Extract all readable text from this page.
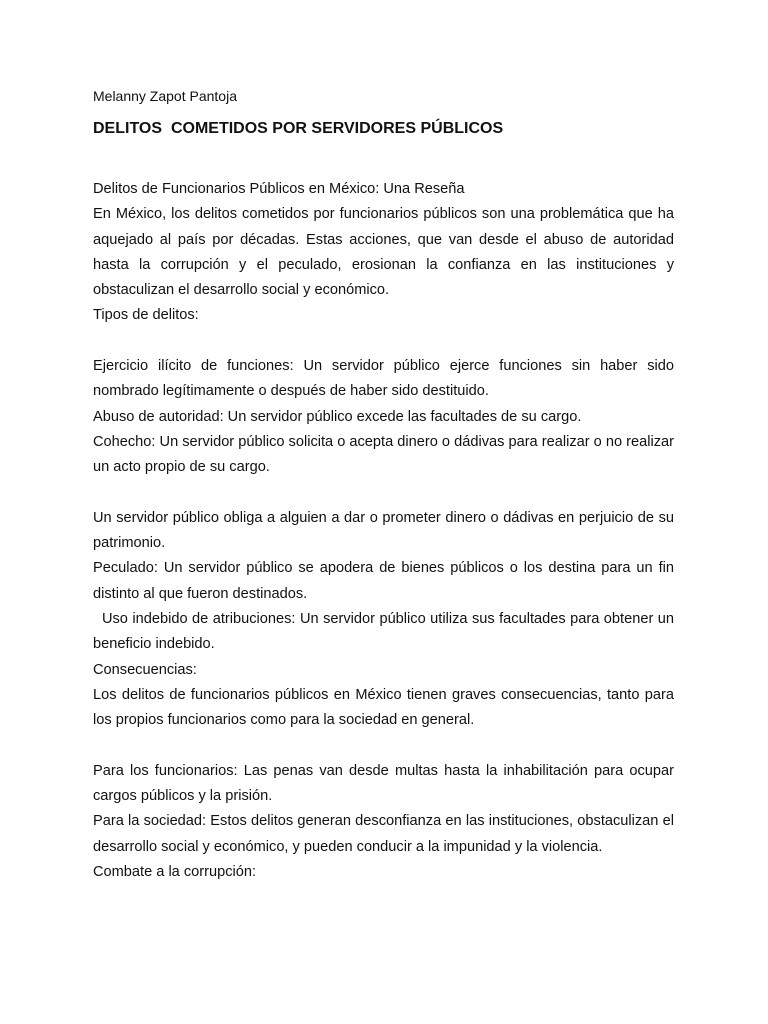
Melanny Zapot Pantoja

DELITOS  COMETIDOS POR SERVIDORES PÚBLICOS

Delitos de Funcionarios Públicos en México: Una Reseña

En México, los delitos cometidos por funcionarios públicos son una problemática que ha aquejado al país por décadas. Estas acciones, que van desde el abuso de autoridad hasta la corrupción y el peculado, erosionan la confianza en las instituciones y obstaculizan el desarrollo social y económico.

Tipos de delitos:

Ejercicio ilícito de funciones: Un servidor público ejerce funciones sin haber sido nombrado legítimamente o después de haber sido destituido.

Abuso de autoridad: Un servidor público excede las facultades de su cargo.

Cohecho: Un servidor público solicita o acepta dinero o dádivas para realizar o no realizar un acto propio de su cargo.

Un servidor público obliga a alguien a dar o prometer dinero o dádivas en perjuicio de su patrimonio.

Peculado: Un servidor público se apodera de bienes públicos o los destina para un fin distinto al que fueron destinados.

Uso indebido de atribuciones: Un servidor público utiliza sus facultades para obtener un beneficio indebido.

Consecuencias:

Los delitos de funcionarios públicos en México tienen graves consecuencias, tanto para los propios funcionarios como para la sociedad en general.

Para los funcionarios: Las penas van desde multas hasta la inhabilitación para ocupar cargos públicos y la prisión.

Para la sociedad: Estos delitos generan desconfianza en las instituciones, obstaculizan el desarrollo social y económico, y pueden conducir a la impunidad y la violencia.

Combate a la corrupción:
